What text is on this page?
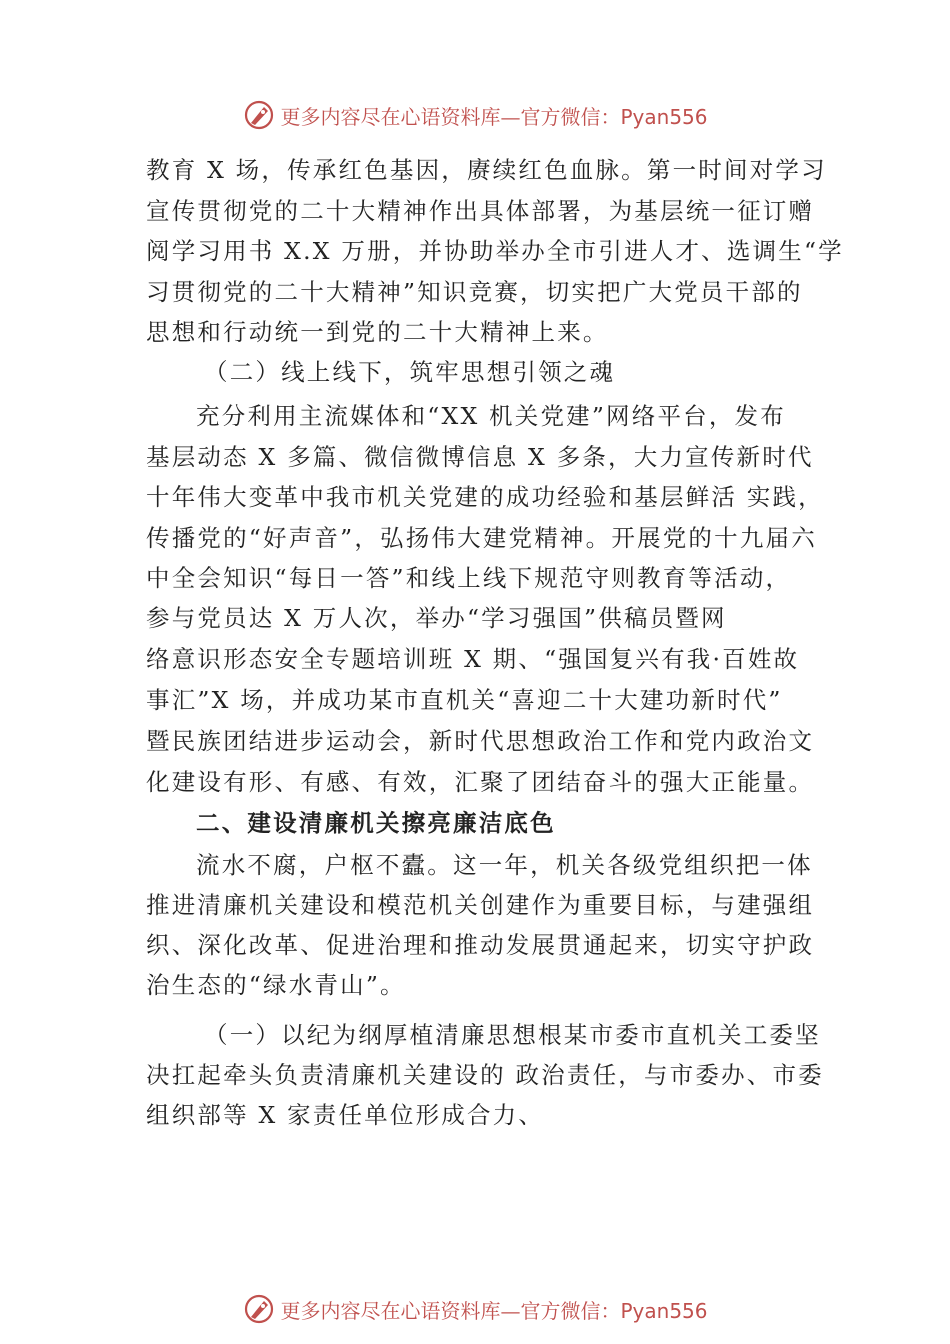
更多内容尽在心语资料库—官方微信：Pyan556
教育 X 场，传承红色基因，赓续红色血脉。第一时间对学习
宣传贯彻党的二十大精神作出具体部署，为基层统一征订赠
阅学习用书 X.X 万册，并协助举办全市引进人才、选调生“学
习贯彻党的二十大精神”知识竞赛，切实把广大党员干部的
思想和行动统一到党的二十大精神上来。
（二）线上线下，筑牢思想引领之魂
充分利用主流媒体和“XX 机关党建”网络平台，发布
基层动态 X 多篇、微信微博信息 X 多条，大力宣传新时代
十年伟大变革中我市机关党建的成功经验和基层鲜活 实践，
传播党的“好声音”，弘扬伟大建党精神。开展党的十九届六
中全会知识“每日一答”和线上线下规范守则教育等活动，
参与党员达 X 万人次，举办“学习强国”供稿员暨网
络意识形态安全专题培训班 X 期、“强国复兴有我·百姓故
事汇”X 场，并成功某市直机关“喜迎二十大建功新时代”
暨民族团结进步运动会，新时代思想政治工作和党内政治文
化建设有形、有感、有效，汇聚了团结奋斗的强大正能量。
二、建设清廉机关擦亮廉洁底色
流水不腐，户枢不蠹。这一年，机关各级党组织把一体
推进清廉机关建设和模范机关创建作为重要目标，与建强组
织、深化改革、促进治理和推动发展贯通起来，切实守护政
治生态的“绿水青山”。
（一）以纪为纲厚植清廉思想根某市委市直机关工委坚
决扛起牵头负责清廉机关建设的 政治责任，与市委办、市委
组织部等 X 家责任单位形成合力、
更多内容尽在心语资料库—官方微信：Pyan556
